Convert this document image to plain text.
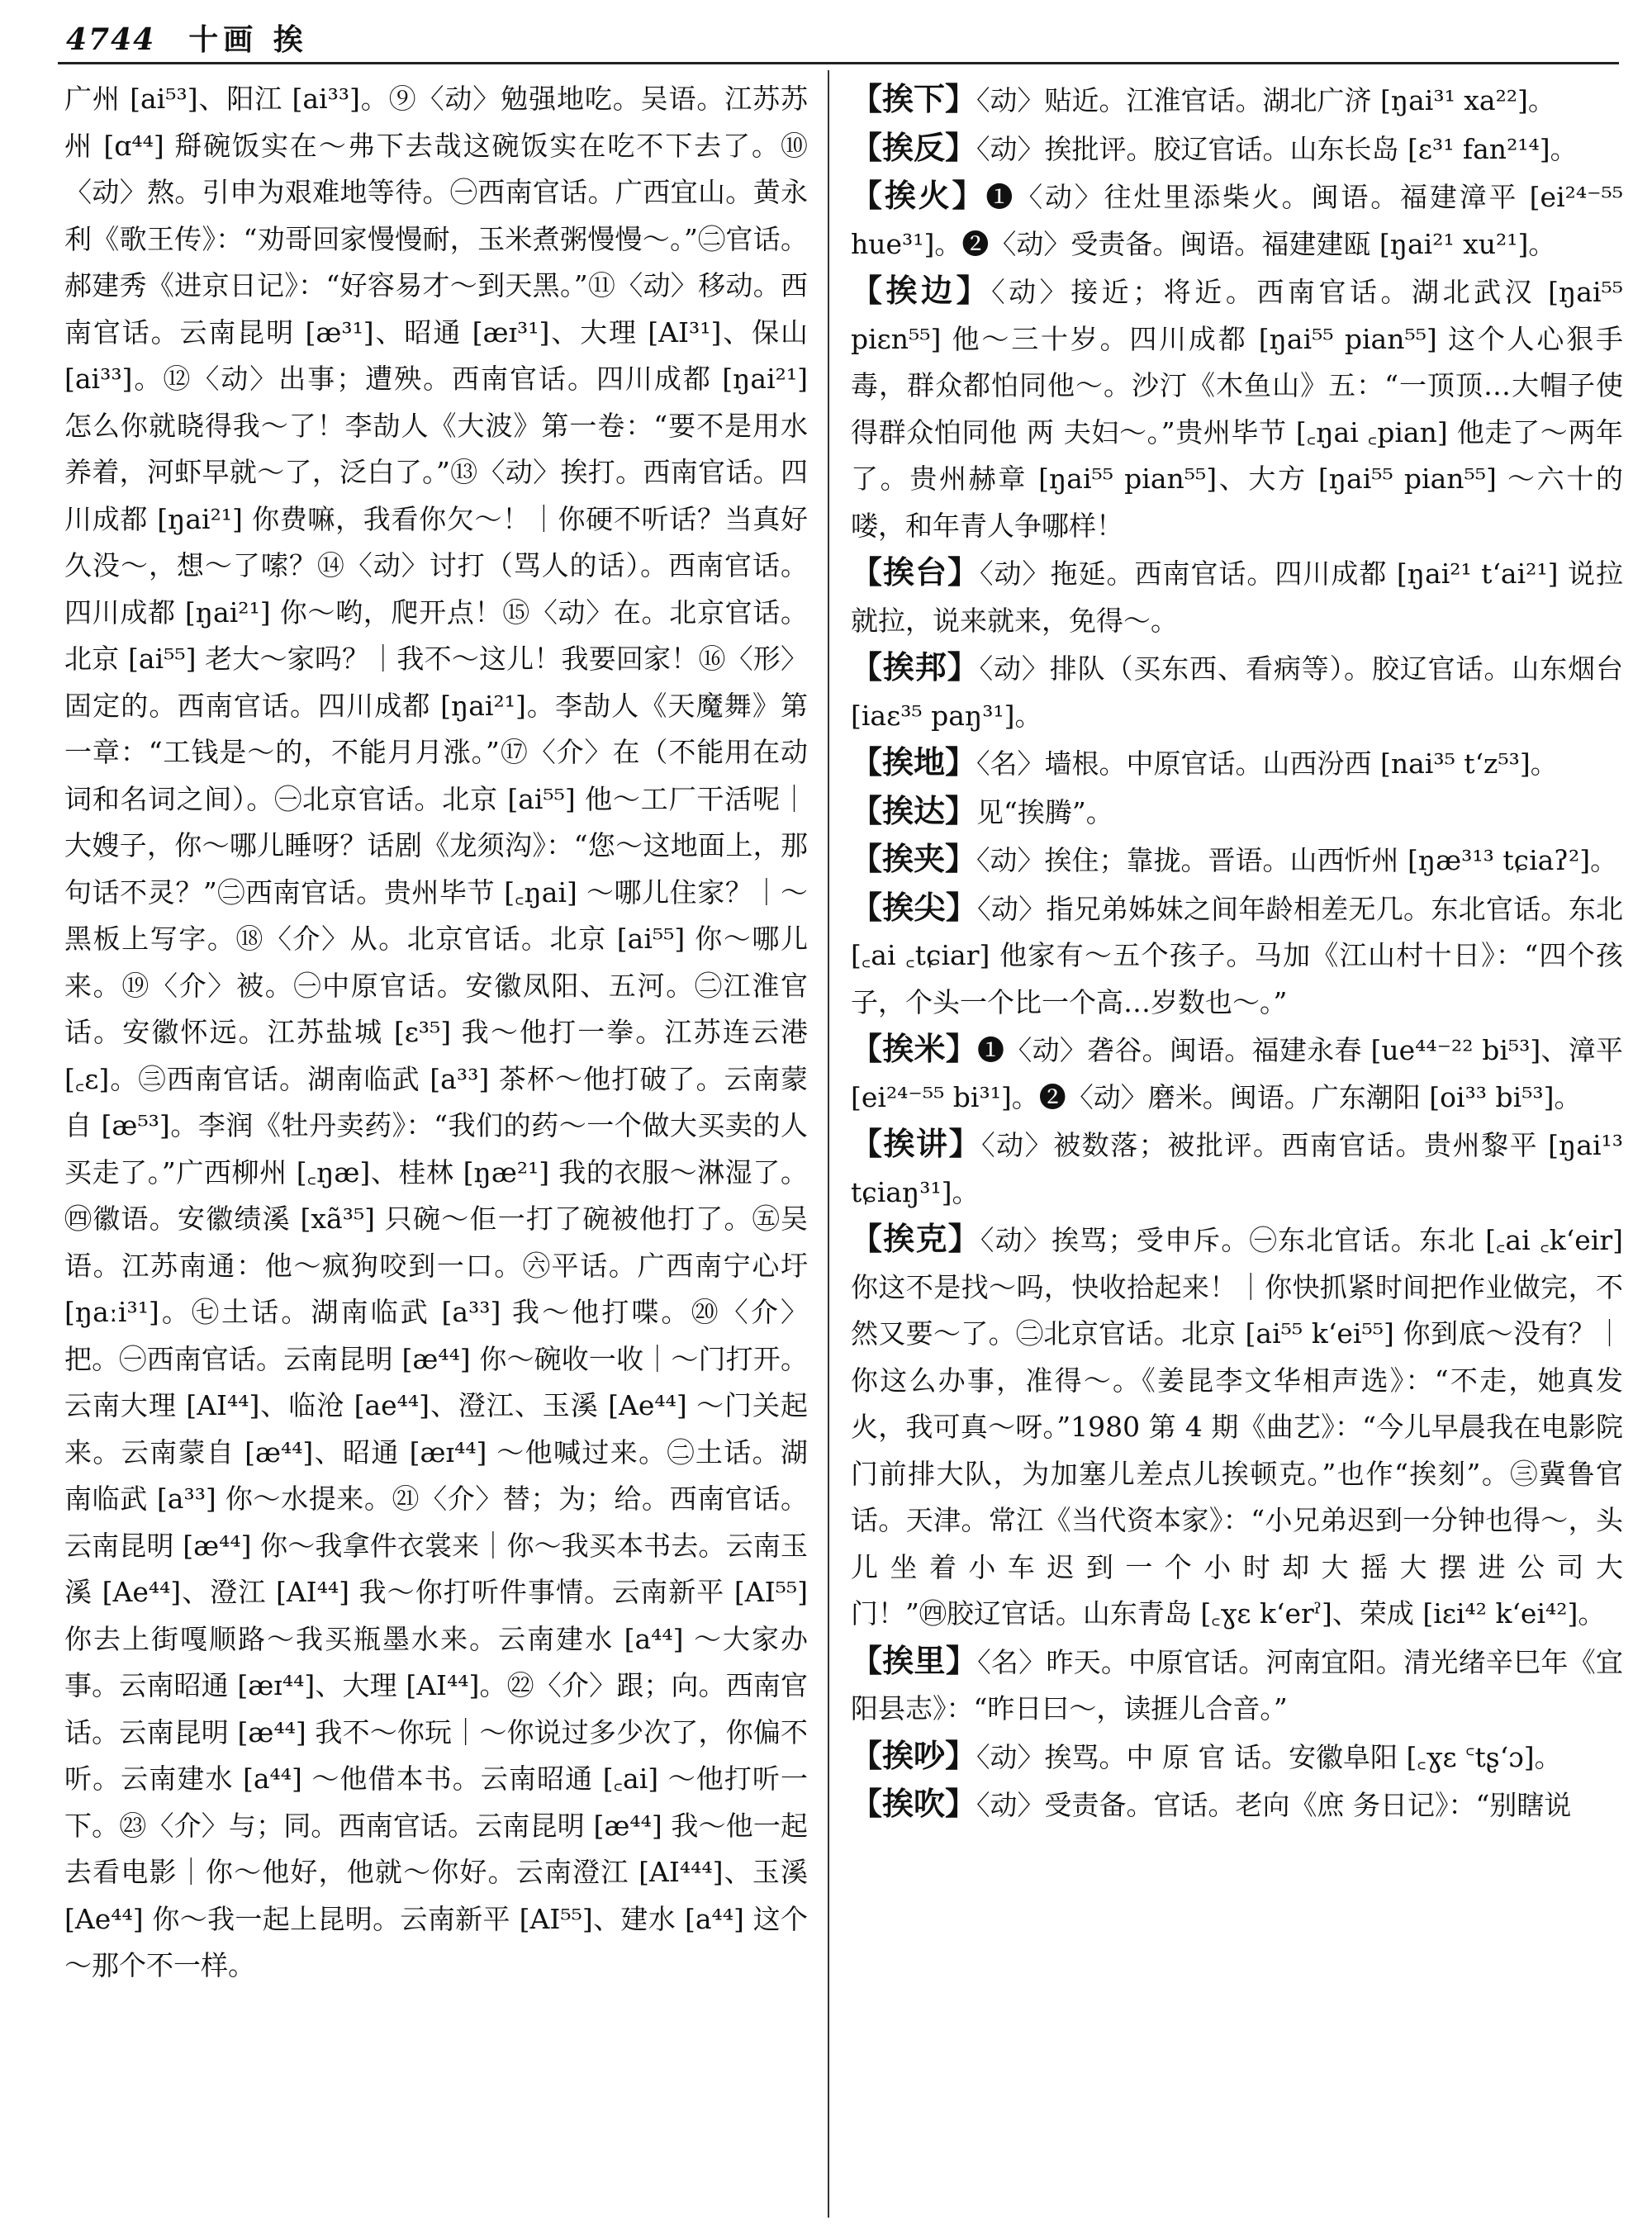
4744 十画 挨

广州 [ai⁵³]、阳江 [ai³³]。⑨〈动〉勉强地吃。吴语。江苏苏州 [ɑ⁴⁴] 搿碗饭实在～弗下去哉这碗饭实在吃不下去了。⑩〈动〉熬。引申为艰难地等待。㊀西南官话。广西宜山。黄永利《歌王传》：“劝哥回家慢慢耐，玉米煮粥慢慢～。”㊁官话。郝建秀《进京日记》：“好容易才～到天黑。”⑪〈动〉移动。西南官话。云南昆明 [æ³¹]、昭通 [æɪ³¹]、大理 [AI³¹]、保山 [ai³³]。⑫〈动〉出事；遭殃。西南官话。四川成都 [ŋai²¹] 怎么你就晓得我～了！李劼人《大波》第一卷：“要不是用水养着，河虾早就～了，泛白了。”⑬〈动〉挨打。西南官话。四川成都 [ŋai²¹] 你费嘛，我看你欠～！｜你硬不听话？当真好久没～，想～了嗦？⑭〈动〉讨打（骂人的话）。西南官话。四川成都 [ŋai²¹] 你～哟，爬开点！⑮〈动〉在。北京官话。北京 [ai⁵⁵] 老大～家吗？｜我不～这儿！我要回家！⑯〈形〉固定的。西南官话。四川成都 [ŋai²¹]。李劼人《天魔舞》第一章：“工钱是～的，不能月月涨。”⑰〈介〉在（不能用在动词和名词之间）。㊀北京官话。北京 [ai⁵⁵] 他～工厂干活呢｜大嫂子，你～哪儿睡呀？话剧《龙须沟》：“您～这地面上，那句话不灵？”㊁西南官话。贵州毕节 [꜀ŋai] ～哪儿住家？｜～黑板上写字。⑱〈介〉从。北京官话。北京 [ai⁵⁵] 你～哪儿来。⑲〈介〉被。㊀中原官话。安徽凤阳、五河。㊁江淮官话。安徽怀远。江苏盐城 [ɛ³⁵] 我～他打一拳。江苏连云港 [꜀ɛ]。㊂西南官话。湖南临武 [a³³] 茶杯～他打破了。云南蒙自 [æ⁵³]。李润《牡丹卖药》：“我们的药～一个做大买卖的人买走了。”广西柳州 [꜀ŋæ]、桂林 [ŋæ²¹] 我的衣服～淋湿了。㊃徽语。安徽绩溪 [xã³⁵] 只碗～佢一打了碗被他打了。㊄吴语。江苏南通：他～疯狗咬到一口。㊅平话。广西南宁心圩 [ŋaːi³¹]。㊆土话。湖南临武 [a³³] 我～他打喋。⑳〈介〉把。㊀西南官话。云南昆明 [æ⁴⁴] 你～碗收一收｜～门打开。云南大理 [AI⁴⁴]、临沧 [ae⁴⁴]、澄江、玉溪 [Ae⁴⁴] ～门关起来。云南蒙自 [æ⁴⁴]、昭通 [æɪ⁴⁴] ～他喊过来。㊁土话。湖南临武 [a³³] 你～水提来。㉑〈介〉替；为；给。西南官话。云南昆明 [æ⁴⁴] 你～我拿件衣裳来｜你～我买本书去。云南玉溪 [Ae⁴⁴]、澄江 [AI⁴⁴] 我～你打听件事情。云南新平 [AI⁵⁵] 你去上街嘎顺路～我买瓶墨水来。云南建水 [a⁴⁴] ～大家办事。云南昭通 [æɪ⁴⁴]、大理 [AI⁴⁴]。㉒〈介〉跟；向。西南官话。云南昆明 [æ⁴⁴] 我不～你玩｜～你说过多少次了，你偏不听。云南建水 [a⁴⁴] ～他借本书。云南昭通 [꜀ai] ～他打听一下。㉓〈介〉与；同。西南官话。云南昆明 [æ⁴⁴] 我～他一起去看电影｜你～他好，他就～你好。云南澄江 [AI⁴⁴⁴]、玉溪 [Ae⁴⁴] 你～我一起上昆明。云南新平 [AI⁵⁵]、建水 [a⁴⁴] 这个～那个不一样。

【挨下】〈动〉贴近。江淮官话。湖北广济 [ŋai³¹ xa²²]。

【挨反】〈动〉挨批评。胶辽官话。山东长岛 [ɛ³¹ fan²¹⁴]。

【挨火】❶〈动〉往灶里添柴火。闽语。福建漳平 [ei²⁴⁻⁵⁵ hue³¹]。❷〈动〉受责备。闽语。福建建瓯 [ŋai²¹ xu²¹]。

【挨边】〈动〉接近；将近。西南官话。湖北武汉 [ŋai⁵⁵ piɛn⁵⁵] 他～三十岁。四川成都 [ŋai⁵⁵ pian⁵⁵] 这个人心狠手毒，群众都怕同他～。沙汀《木鱼山》五：“一顶顶…大帽子使得群众怕同他 两 夫妇～。”贵州毕节 [꜀ŋai ꜀pian] 他走了～两年了。贵州赫章 [ŋai⁵⁵ pian⁵⁵]、大方 [ŋai⁵⁵ pian⁵⁵] ～六十的喽，和年青人争哪样！

【挨台】〈动〉拖延。西南官话。四川成都 [ŋai²¹ tʻai²¹] 说拉就拉，说来就来，免得～。

【挨邦】〈动〉排队（买东西、看病等）。胶辽官话。山东烟台 [iaɛ³⁵ paŋ³¹]。

【挨地】〈名〉墙根。中原官话。山西汾西 [nai³⁵ tʻz⁵³]。

【挨达】见“挨腾”。

【挨夹】〈动〉挨住；靠拢。晋语。山西忻州 [ŋæ³¹³ tɕiaʔ²]。

【挨尖】〈动〉指兄弟姊妹之间年龄相差无几。东北官话。东北 [꜀ai ꜀tɕiar] 他家有～五个孩子。马加《江山村十日》：“四个孩子，个头一个比一个高…岁数也～。”

【挨米】❶〈动〉砻谷。闽语。福建永春 [ue⁴⁴⁻²² bi⁵³]、漳平 [ei²⁴⁻⁵⁵ bi³¹]。❷〈动〉磨米。闽语。广东潮阳 [oi³³ bi⁵³]。

【挨讲】〈动〉被数落；被批评。西南官话。贵州黎平 [ŋai¹³ tɕiaŋ³¹]。

【挨克】〈动〉挨骂；受申斥。㊀东北官话。东北 [꜀ai ꜀kʻeir] 你这不是找～吗，快收拾起来！｜你快抓紧时间把作业做完，不然又要～了。㊁北京官话。北京 [ai⁵⁵ kʻei⁵⁵] 你到底～没有？｜你这么办事，准得～。《姜昆李文华相声选》：“不走，她真发火，我可真～呀。”1980 第 4 期《曲艺》：“今儿早晨我在电影院门前排大队，为加塞儿差点儿挨顿克。”也作“挨刻”。㊂冀鲁官话。天津。常江《当代资本家》：“小兄弟迟到一分钟也得～，头 儿 坐 着 小 车 迟 到 一 个 小 时 却 大 摇 大 摆 进 公 司 大 门！”㊃胶辽官话。山东青岛 [꜀ɣɛ kʻerˀ]、荣成 [iɛi⁴² kʻei⁴²]。

【挨里】〈名〉昨天。中原官话。河南宜阳。清光绪辛巳年《宜阳县志》：“昨日曰～，读捱儿合音。”

【挨吵】〈动〉挨骂。中 原 官 话。安徽阜阳 [꜀ɣɛ ꜂tʂʻɔ]。

【挨吹】〈动〉受责备。官话。老向《庶 务日记》：“别瞎说
